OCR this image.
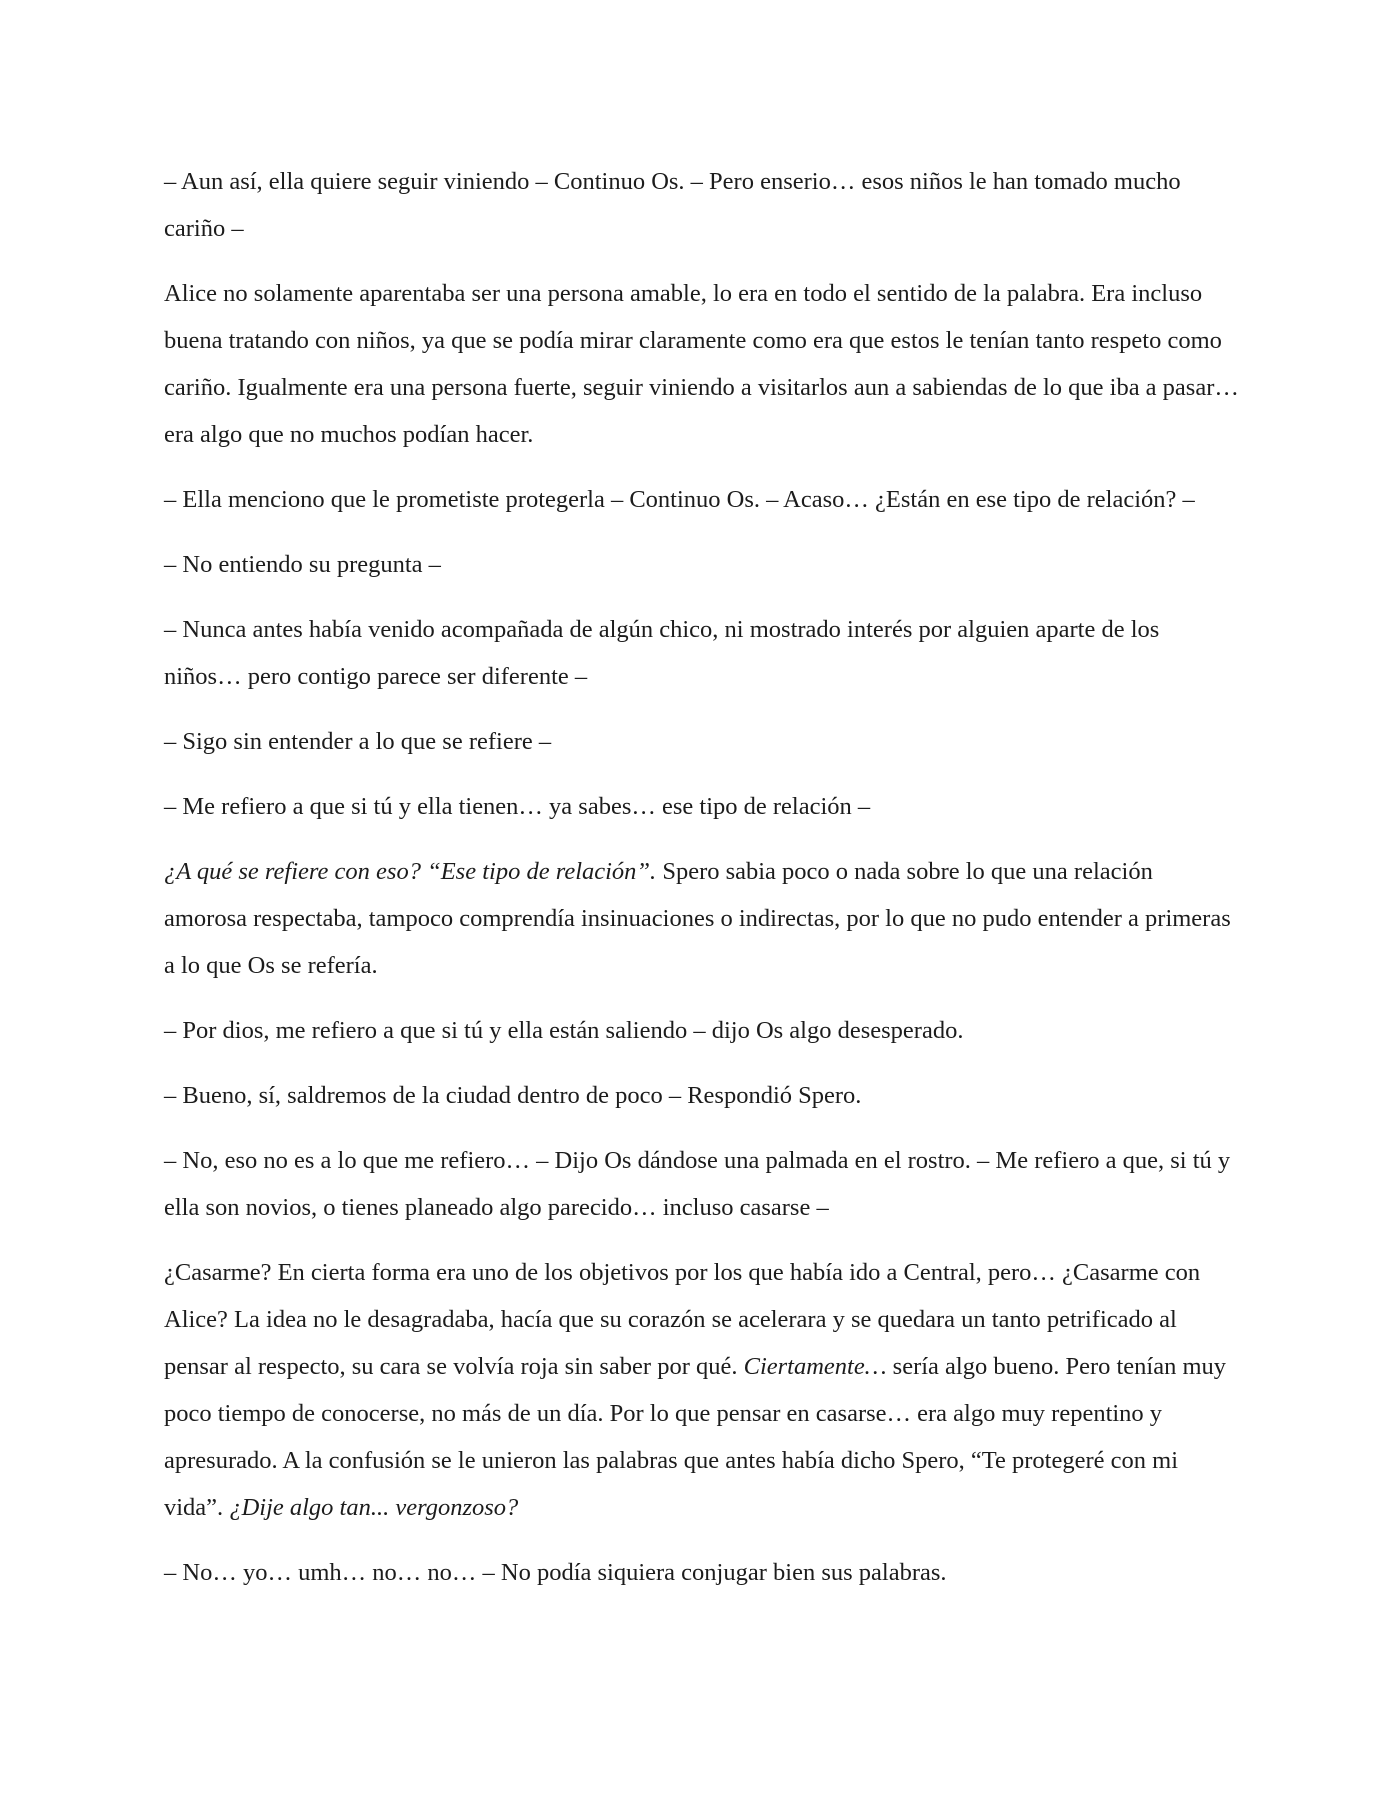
– Aun así, ella quiere seguir viniendo – Continuo Os. – Pero enserio… esos niños le han tomado mucho cariño –

Alice no solamente aparentaba ser una persona amable, lo era en todo el sentido de la palabra. Era incluso buena tratando con niños, ya que se podía mirar claramente como era que estos le tenían tanto respeto como cariño. Igualmente era una persona fuerte, seguir viniendo a visitarlos aun a sabiendas de lo que iba a pasar… era algo que no muchos podían hacer.

– Ella menciono que le prometiste protegerla – Continuo Os. – Acaso… ¿Están en ese tipo de relación? –

– No entiendo su pregunta –

– Nunca antes había venido acompañada de algún chico, ni mostrado interés por alguien aparte de los niños… pero contigo parece ser diferente –

– Sigo sin entender a lo que se refiere –

– Me refiero a que si tú y ella tienen… ya sabes… ese tipo de relación –

¿A qué se refiere con eso? “Ese tipo de relación”. Spero sabia poco o nada sobre lo que una relación amorosa respectaba, tampoco comprendía insinuaciones o indirectas, por lo que no pudo entender a primeras a lo que Os se refería.

– Por dios, me refiero a que si tú y ella están saliendo – dijo Os algo desesperado.

– Bueno, sí, saldremos de la ciudad dentro de poco – Respondió Spero.

– No, eso no es a lo que me refiero… – Dijo Os dándose una palmada en el rostro. – Me refiero a que, si tú y ella son novios, o tienes planeado algo parecido… incluso casarse –

¿Casarme? En cierta forma era uno de los objetivos por los que había ido a Central, pero… ¿Casarme con Alice? La idea no le desagradaba, hacía que su corazón se acelerara y se quedara un tanto petrificado al pensar al respecto, su cara se volvía roja sin saber por qué. Ciertamente… sería algo bueno. Pero tenían muy poco tiempo de conocerse, no más de un día. Por lo que pensar en casarse… era algo muy repentino y apresurado. A la confusión se le unieron las palabras que antes había dicho Spero, “Te protegeré con mi vida”. ¿Dije algo tan... vergonzoso?

– No… yo… umh… no… no… – No podía siquiera conjugar bien sus palabras.
